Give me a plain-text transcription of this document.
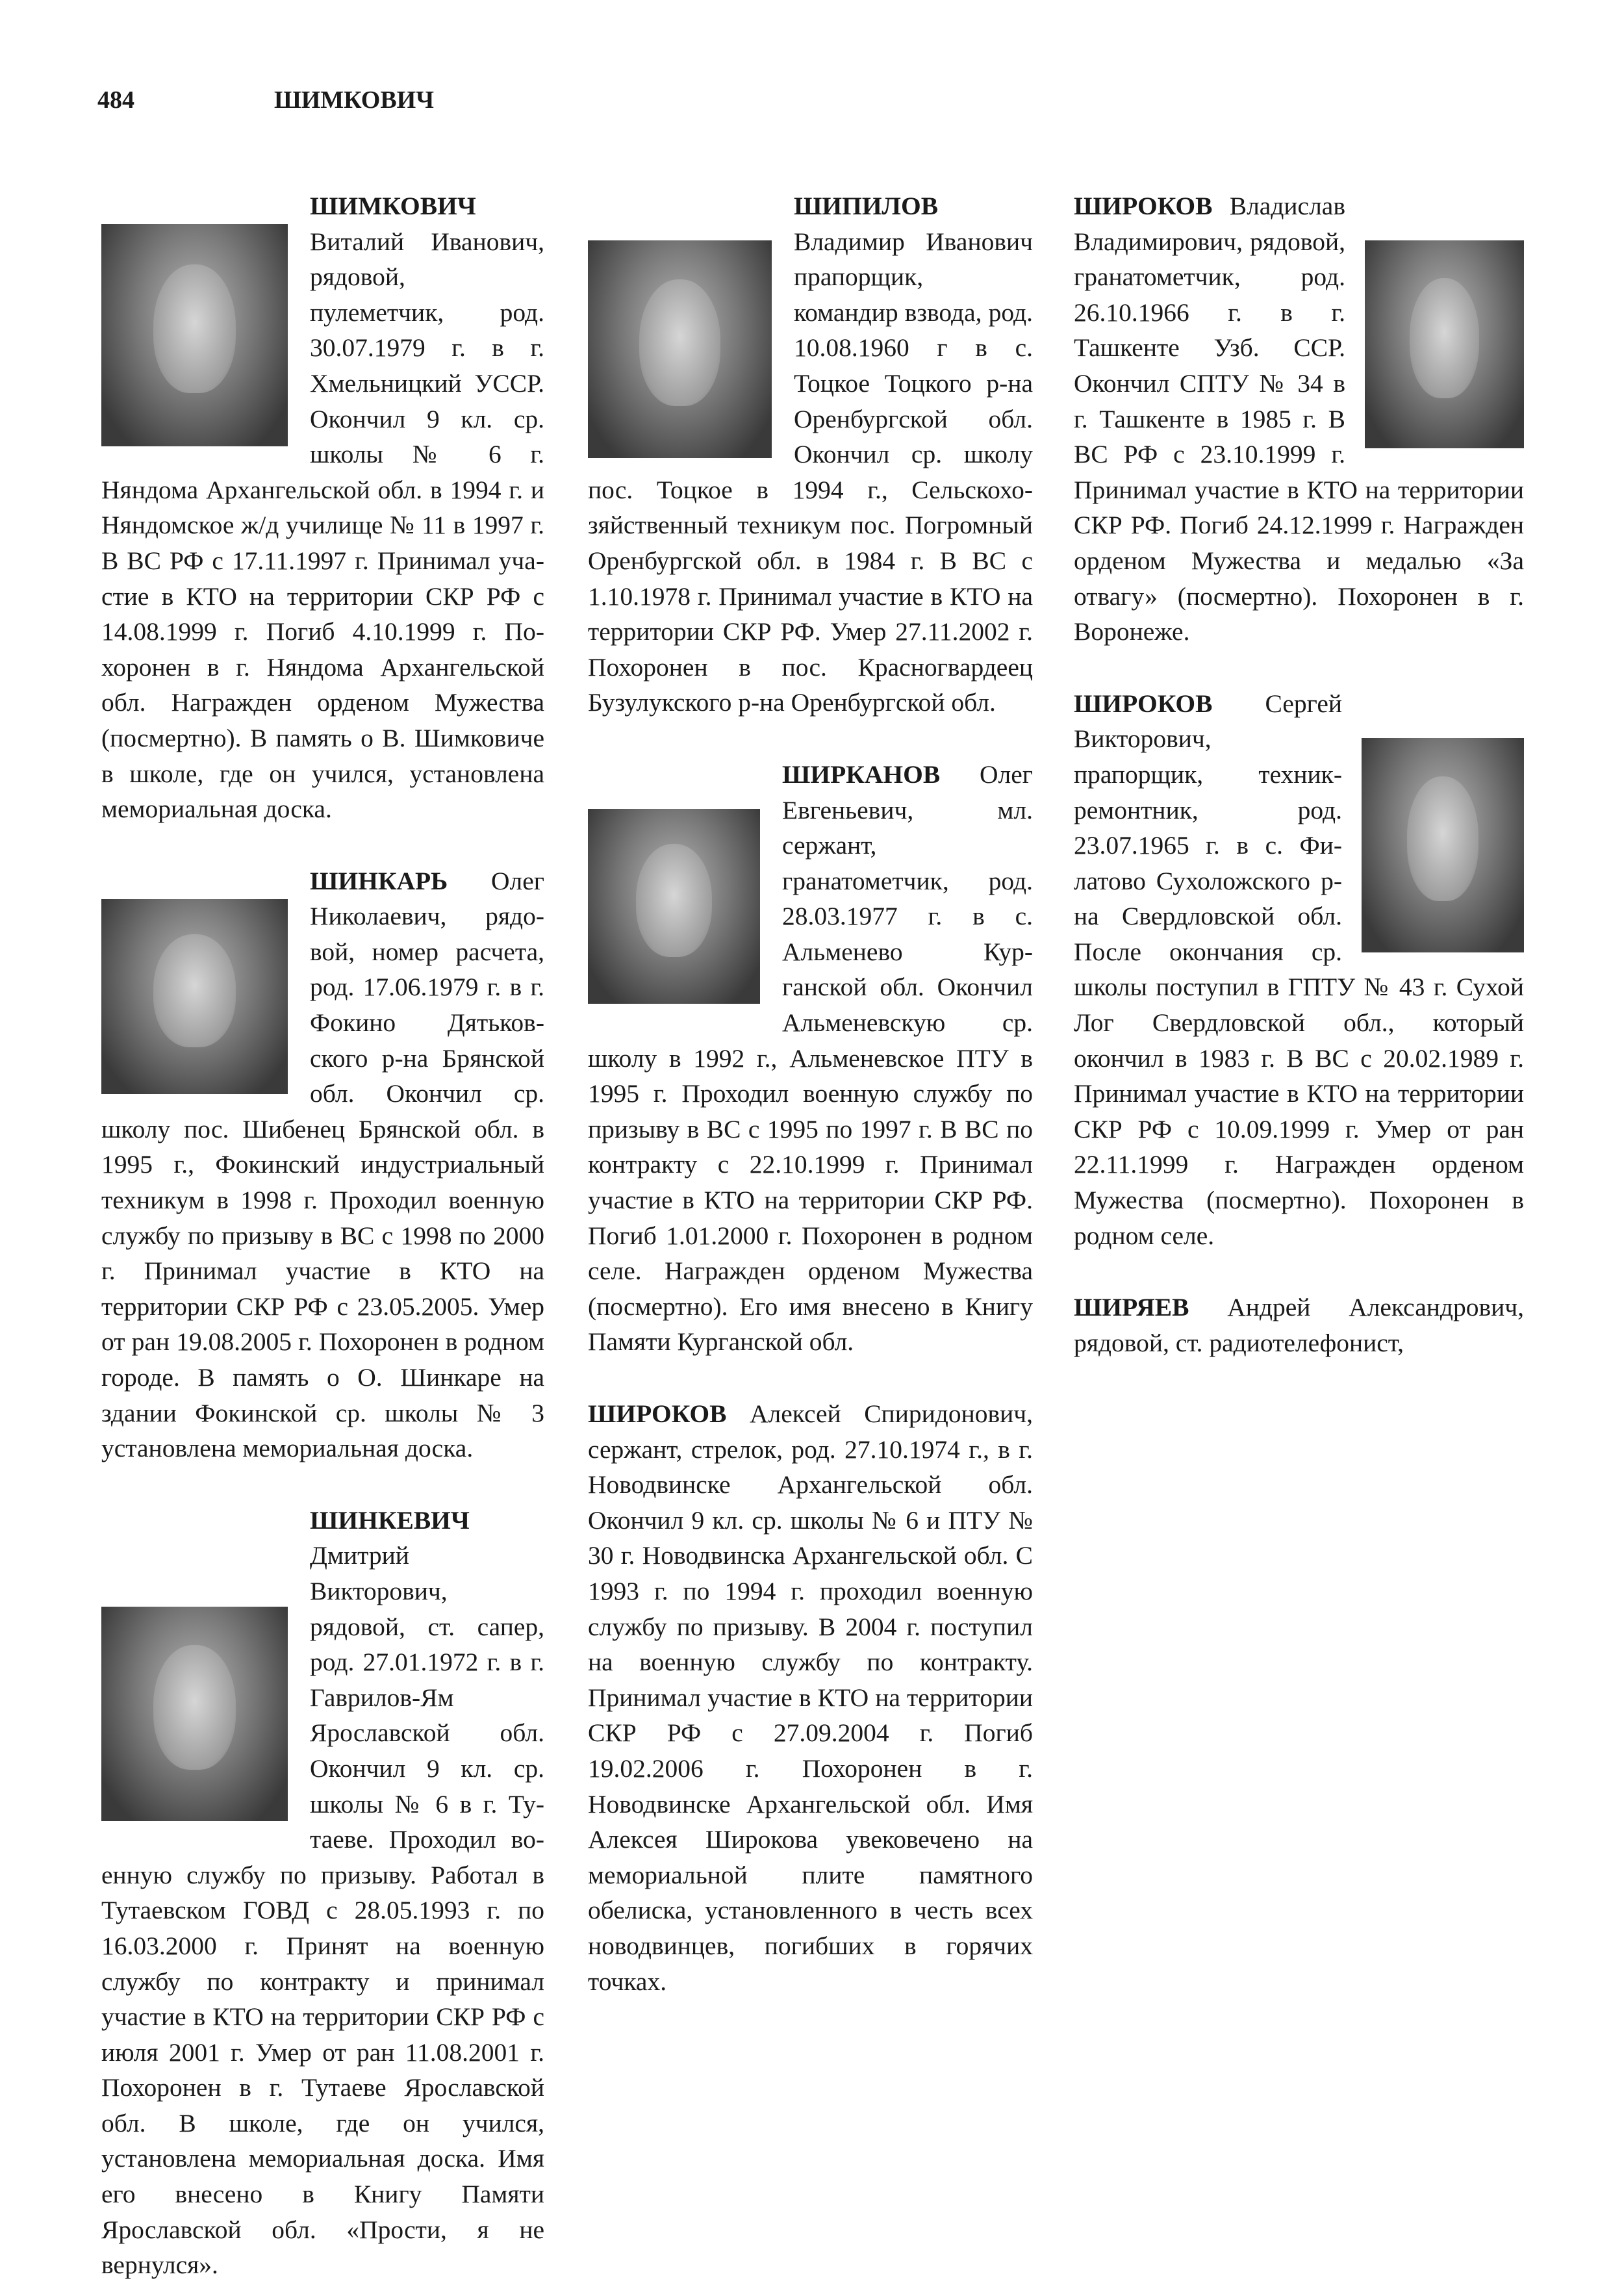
484	ШИМКОВИЧ

ШИМКОВИЧ
Виталий Иванович, рядовой, пулеметчик, род. 30.07.1979 г. в г. Хмельницкий УССР. Окончил 9 кл. ср. школы № 6 г. Няндома Архангельской обл. в 1994 г. и Няндомское ж/д училище № 11 в 1997 г. В ВС РФ с 17.11.1997 г. Принимал участие в КТО на территории СКР РФ с 14.08.1999 г. Погиб 4.10.1999 г. Похоронен в г. Няндома Архангельской обл. Награжден орденом Мужества (посмертно). В память о В. Шимковиче в школе, где он учился, установлена мемориальная доска.

ШИНКАРЬ
Олег Николаевич, рядовой, номер расчета, род. 17.06.1979 г. в г. Фокино Дятьковского р-на Брянской обл. Окончил ср. школу пос. Шибенец Брянской обл. в 1995 г., Фокинский индустриальный техникум в 1998 г. Проходил военную службу по призыву в ВС с 1998 по 2000 г. Принимал участие в КТО на территории СКР РФ с 23.05.2005. Умер от ран 19.08.2005 г. Похоронен в родном городе. В память о О. Шинкаре на здании Фокинской ср. школы № 3 установлена мемориальная доска.

ШИНКЕВИЧ
Дмитрий Викторович, рядовой, ст. сапер, род. 27.01.1972 г. в г. Гаврилов-Ям Ярославской обл. Окончил 9 кл. ср. школы № 6 в г. Тутаеве. Проходил военную службу по призыву. Работал в Тутаевском ГОВД с 28.05.1993 г. по 16.03.2000 г. Принят на военную службу по контракту и принимал участие в КТО на территории СКР РФ с июля 2001 г. Умер от ран 11.08.2001 г. Похоронен в г. Тутаеве Ярославской обл. В школе, где он учился, установлена мемориальная доска. Имя его внесено в Книгу Памяти Ярославской обл. «Прости, я не вернулся».

ШИПИЛОВ
Владимир Иванович прапорщик, командир взвода, род. 10.08.1960 г в с. Тоцкое Тоцкого р-на Оренбургской обл. Окончил ср. школу пос. Тоцкое в 1994 г., Сельскохозяйственный техникум пос. Погромный Оренбургской обл. в 1984 г. В ВС с 1.10.1978 г. Принимал участие в КТО на территории СКР РФ. Умер 27.11.2002 г. Похоронен в пос. Красногвардеец Бузулукского р-на Оренбургской обл.

ШИРКАНОВ
Олег Евгеньевич, мл. сержант, гранатометчик, род. 28.03.1977 г. в с. Альменево Курганской обл. Окончил Альменевскую ср. школу в 1992 г., Альменевское ПТУ в 1995 г. Проходил военную службу по призыву в ВС с 1995 по 1997 г. В ВС по контракту с 22.10.1999 г. Принимал участие в КТО на территории СКР РФ. Погиб 1.01.2000 г. Похоронен в родном селе. Награжден орденом Мужества (посмертно). Его имя внесено в Книгу Памяти Курганской обл.

ШИРОКОВ Алексей Спиридонович, сержант, стрелок, род. 27.10.1974 г., в г. Новодвинске Архангельской обл. Окончил 9 кл. ср. школы № 6 и ПТУ № 30 г. Новодвинска Архангельской обл. С 1993 г. по 1994 г. проходил военную службу по призыву. В 2004 г. поступил на военную службу по контракту. Принимал участие в КТО на территории СКР РФ с 27.09.2004 г. Погиб 19.02.2006 г. Похоронен в г. Новодвинске Архангельской обл. Имя Алексея Широкова увековечено на мемориальной плите памятного обелиска, установленного в честь всех новодвинцев, погибших в горячих точках.

ШИРОКОВ
Владислав Владимирович, рядовой, гранатометчик, род. 26.10.1966 г. в г. Ташкенте Узб. ССР. Окончил СПТУ № 34 в г. Ташкенте в 1985 г. В ВС РФ с 23.10.1999 г. Принимал участие в КТО на территории СКР РФ. Погиб 24.12.1999 г. Награжден орденом Мужества и медалью «За отвагу» (посмертно). Похоронен в г. Воронеже.

ШИРОКОВ
Сергей Викторович, прапорщик, техник-ремонтник, род. 23.07.1965 г. в с. Филатово Сухоложского р-на Свердловской обл. После окончания ср. школы поступил в ГПТУ № 43 г. Сухой Лог Свердловской обл., который окончил в 1983 г. В ВС с 20.02.1989 г. Принимал участие в КТО на территории СКР РФ с 10.09.1999 г. Умер от ран 22.11.1999 г. Награжден орденом Мужества (посмертно). Похоронен в родном селе.

ШИРЯЕВ Андрей Александрович, рядовой, ст. радиотелефонист,
